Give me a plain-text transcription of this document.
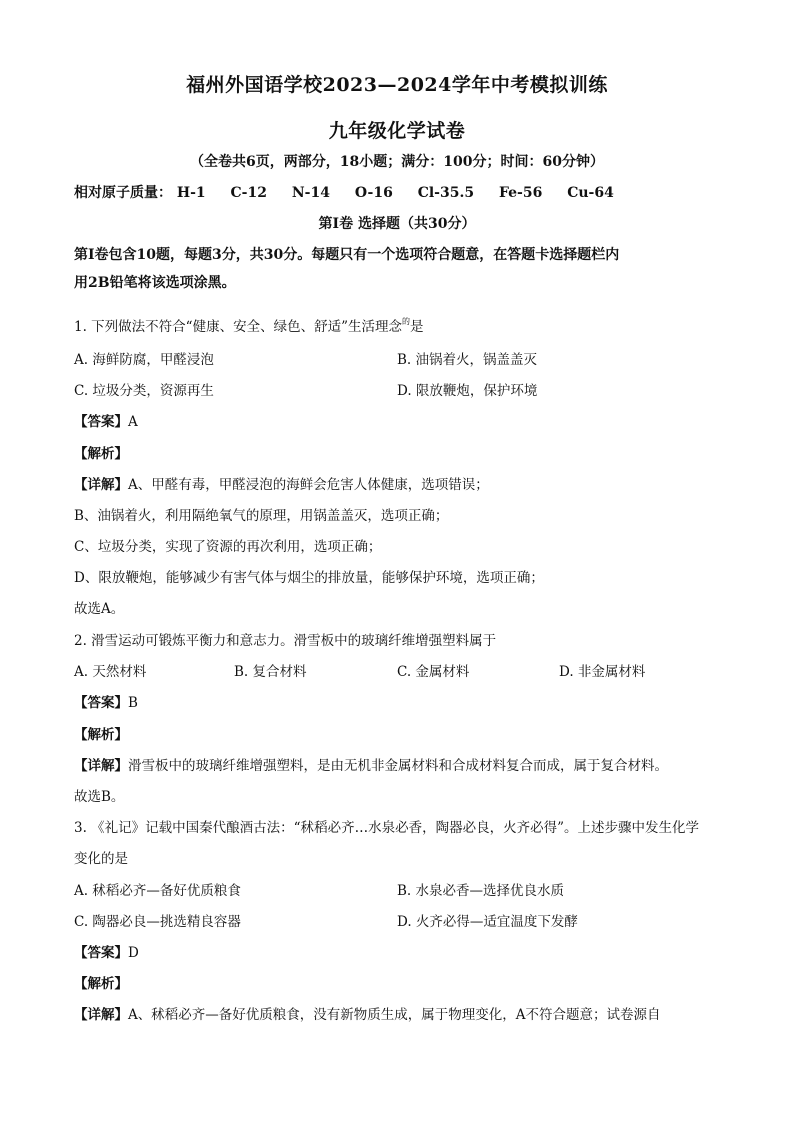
福州外国语学校2023—2024学年中考模拟训练
九年级化学试卷
（全卷共6页，两部分，18小题；满分：100分；时间：60分钟）
相对原子质量： H-1 C-12 N-14 O-16 Cl-35.5 Fe-56 Cu-64
第Ⅰ卷 选择题（共30分）
第Ⅰ卷包含10题，每题3分，共30分。每题只有一个选项符合题意，在答题卡选择题栏内
用2B铅笔将该选项涂黑。
1. 下列做法不符合“健康、安全、绿色、舒适”生活理念$^的$是
A. 海鲜防腐，甲醛浸泡	B. 油锅着火，锅盖盖灭
C. 垃圾分类，资源再生	D. 限放鞭炮，保护环境
【答案】A
【解析】
【详解】A、甲醛有毒，甲醛浸泡的海鲜会危害人体健康，选项错误；
B、油锅着火，利用隔绝氧气的原理，用锅盖盖灭，选项正确；
C、垃圾分类，实现了资源的再次利用，选项正确；
D、限放鞭炮，能够减少有害气体与烟尘的排放量，能够保护环境，选项正确；
故选A。
2. 滑雪运动可锻炼平衡力和意志力。滑雪板中的玻璃纤维增强塑料属于
A. 天然材料	B. 复合材料	C. 金属材料	D. 非金属材料
【答案】B
【解析】
【详解】滑雪板中的玻璃纤维增强塑料，是由无机非金属材料和合成材料复合而成，属于复合材料。
故选B。
3. 《礼记》记载中国秦代酿酒古法：“秫稻必齐…水泉必香，陶器必良，火齐必得”。上述步骤中发生化学
变化的是
A. 秫稻必齐—备好优质粮食	B. 水泉必香—选择优良水质
C. 陶器必良—挑选精良容器	D. 火齐必得—适宜温度下发酵
【答案】D
【解析】
【详解】A、秫稻必齐—备好优质粮食，没有新物质生成，属于物理变化，A不符合题意；试卷源自
